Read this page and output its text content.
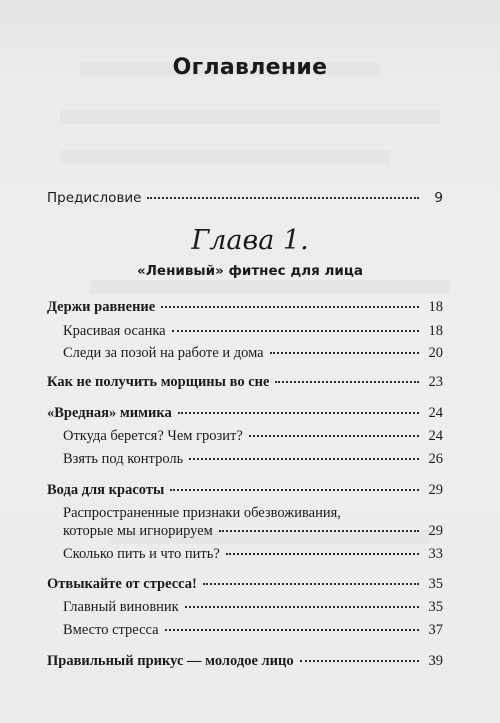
Оглавление
Предисловие	9
Глава 1.
«Ленивый» фитнес для лица
Держи равнение	18
Красивая осанка	18
Следи за позой на работе и дома	20
Как не получить морщины во сне	23
«Вредная» мимика	24
Откуда берется? Чем грозит?	24
Взять под контроль	26
Вода для красоты	29
Распространенные признаки обезвоживания,
которые мы игнорируем	29
Сколько пить и что пить?	33
Отвыкайте от стресса!	35
Главный виновник	35
Вместо стресса	37
Правильный прикус — молодое лицо	39
